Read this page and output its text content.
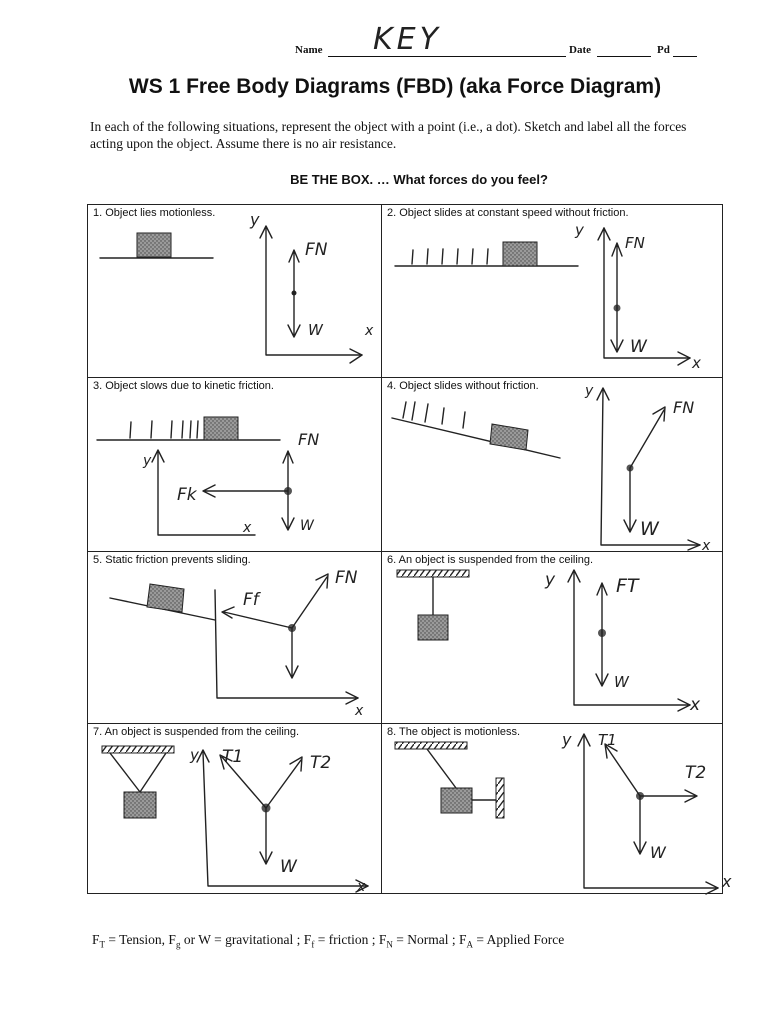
Name KEY	Date	Pd
WS 1 Free Body Diagrams (FBD) (aka Force Diagram)
In each of the following situations, represent the object with a point (i.e., a dot). Sketch and label all the forces acting upon the object. Assume there is no air resistance.
BE THE BOX. … What forces do you feel?
1. Object lies motionless.	2. Object slides at constant speed without friction.
3. Object slows due to kinetic friction.	4. Object slides without friction.
5. Static friction prevents sliding.	6. An object is suspended from the ceiling.
7. An object is suspended from the ceiling.	8. The object is motionless.
y
x
FN
W
y
x
FN
W
y
x
Fk
FN
W
y
x
FN
W
x
Ff
FN	y
x
FT
W
y
x
T1	T2
W
y
x
T1
T2
W
$F_T$ = Tension, $F_g$ or W = gravitational ; $F_f$ = friction ; $F_N$ = Normal ; $F_A$ = Applied Force
